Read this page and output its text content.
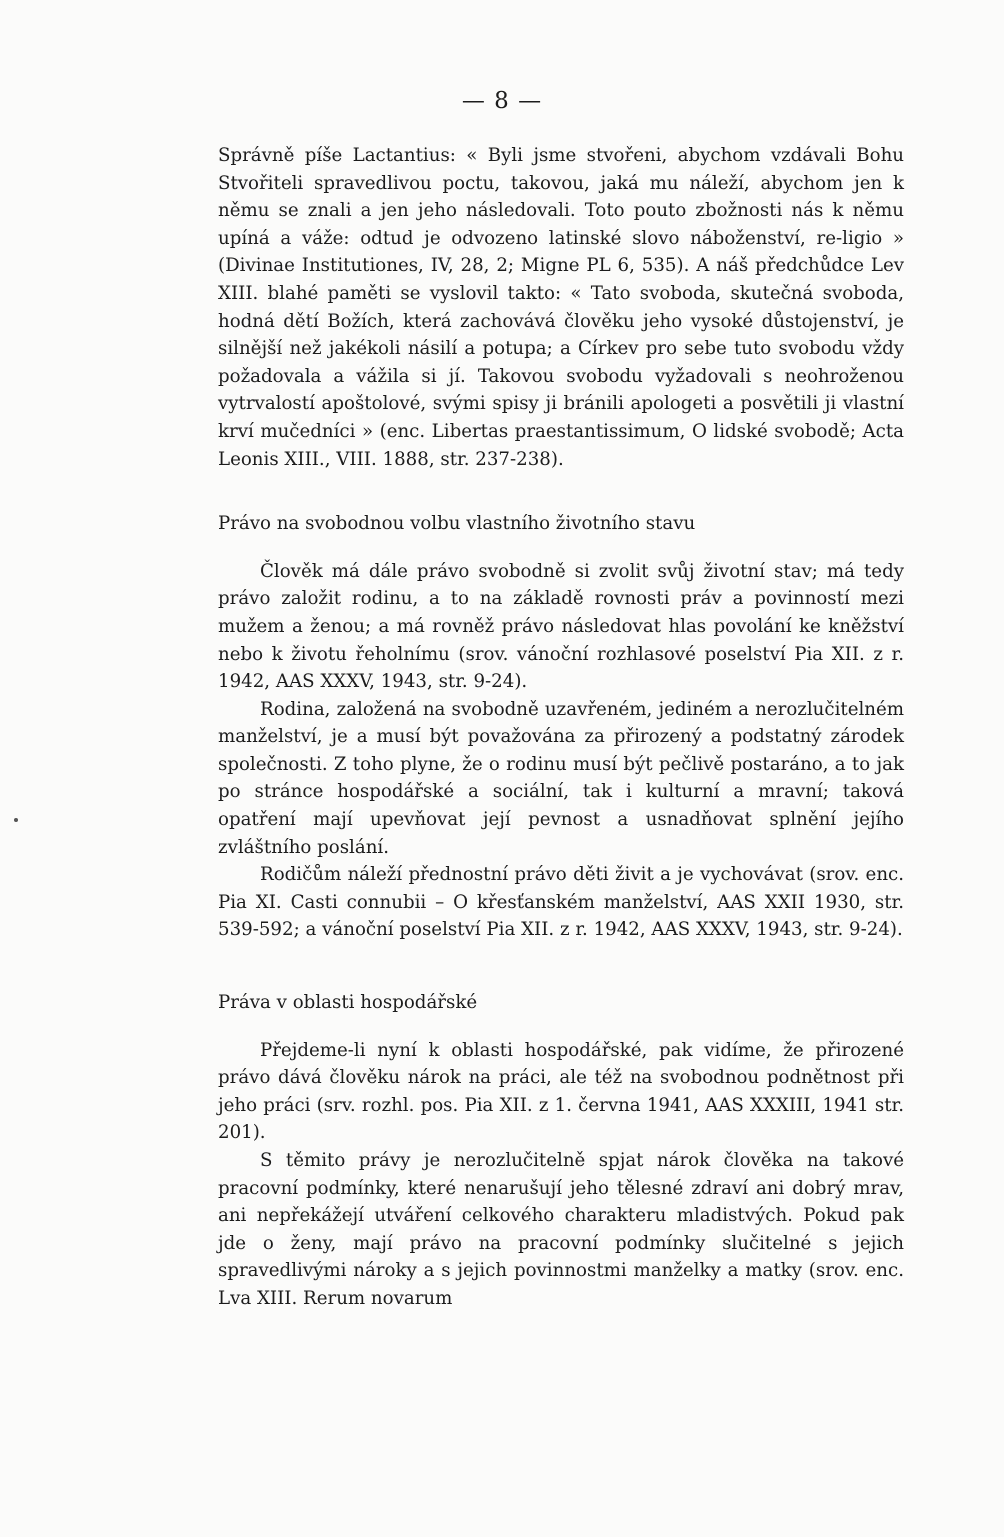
— 8 —

Správně píše Lactantius: « Byli jsme stvořeni, abychom vzdávali Bohu Stvořiteli spravedlivou poctu, takovou, jaká mu náleží, abychom jen k němu se znali a jen jeho následovali. Toto pouto zbožnosti nás k němu upíná a váže: odtud je odvozeno latinské slovo náboženství, re-ligio » (Divinae Institutiones, IV, 28, 2; Migne PL 6, 535). A náš předchůdce Lev XIII. blahé paměti se vyslovil takto: « Tato svoboda, skutečná svoboda, hodná dětí Božích, která zachovává člověku jeho vysoké důstojenství, je silnější než jakékoli násilí a potupa; a Církev pro sebe tuto svobodu vždy požadovala a vážila si jí. Takovou svobodu vyžadovali s neohroženou vytrvalostí apoštolové, svými spisy ji bránili apologeti a posvětili ji vlastní krví mučedníci » (enc. Libertas praestantissimum, O lidské svobodě; Acta Leonis XIII., VIII. 1888, str. 237-238).

Právo na svobodnou volbu vlastního životního stavu

Člověk má dále právo svobodně si zvolit svůj životní stav; má tedy právo založit rodinu, a to na základě rovnosti práv a povinností mezi mužem a ženou; a má rovněž právo následovat hlas povolání ke kněžství nebo k životu řeholnímu (srov. vánoční rozhlasové poselství Pia XII. z r. 1942, AAS XXXV, 1943, str. 9-24).

Rodina, založená na svobodně uzavřeném, jediném a nerozlučitelném manželství, je a musí být považována za přirozený a podstatný zárodek společnosti. Z toho plyne, že o rodinu musí být pečlivě postaráno, a to jak po stránce hospodářské a sociální, tak i kulturní a mravní; taková opatření mají upevňovat její pevnost a usnadňovat splnění jejího zvláštního poslání.

Rodičům náleží přednostní právo děti živit a je vychovávat (srov. enc. Pia XI. Casti connubii – O křesťanském manželství, AAS XXII 1930, str. 539-592; a vánoční poselství Pia XII. z r. 1942, AAS XXXV, 1943, str. 9-24).

Práva v oblasti hospodářské

Přejdeme-li nyní k oblasti hospodářské, pak vidíme, že přirozené právo dává člověku nárok na práci, ale též na svobodnou podnětnost při jeho práci (srv. rozhl. pos. Pia XII. z 1. června 1941, AAS XXXIII, 1941 str. 201).

S těmito právy je nerozlučitelně spjat nárok člověka na takové pracovní podmínky, které nenarušují jeho tělesné zdraví ani dobrý mrav, ani nepřekážejí utváření celkového charakteru mladistvých. Pokud pak jde o ženy, mají právo na pracovní podmínky slučitelné s jejich spravedlivými nároky a s jejich povinnostmi manželky a matky (srov. enc. Lva XIII. Rerum novarum
